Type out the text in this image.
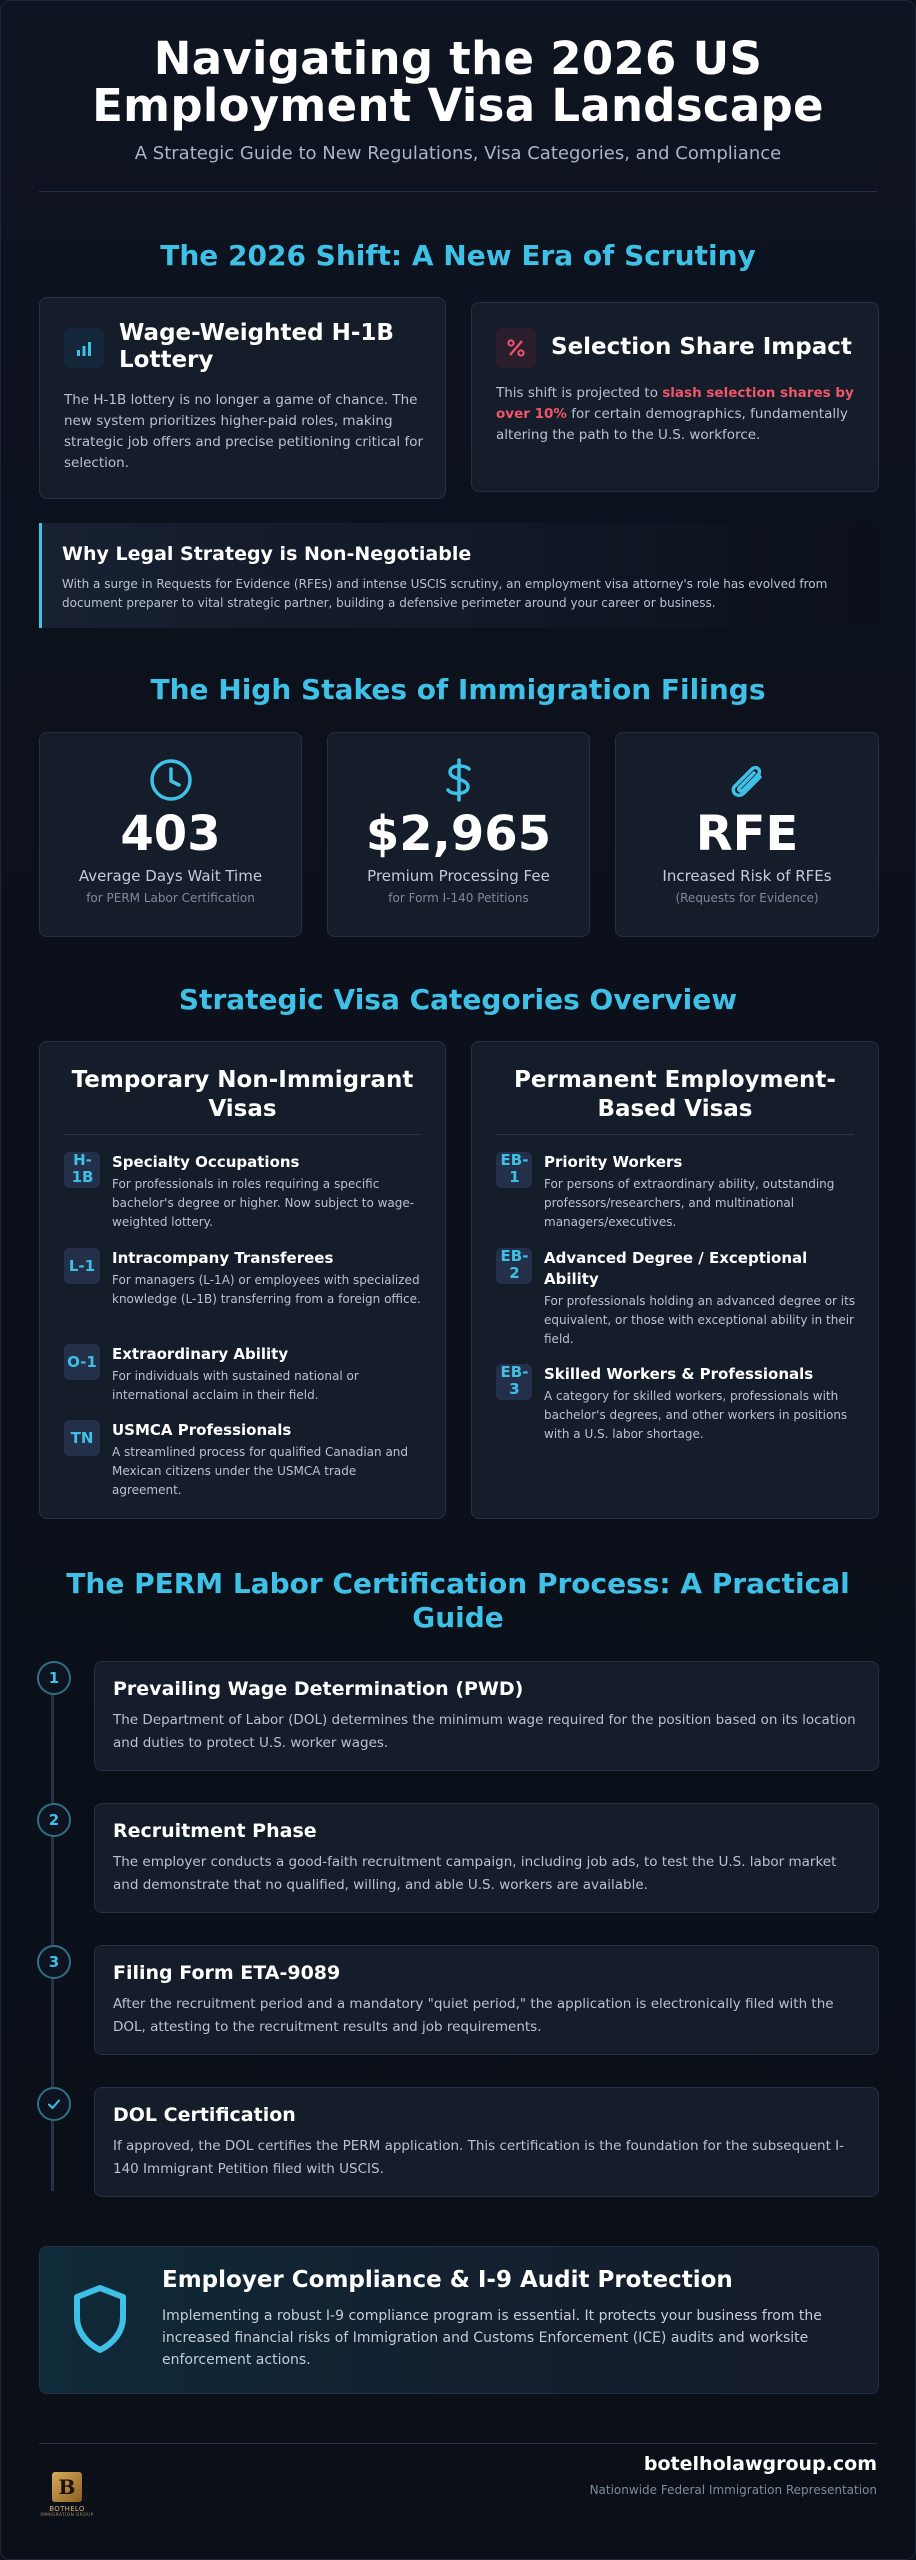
Navigating the 2026 US
Employment Visa Landscape
A Strategic Guide to New Regulations, Visa Categories, and Compliance
The 2026 Shift: A New Era of Scrutiny
Wage-Weighted H-1B
Lottery

The H-1B lottery is no longer a game of chance. The new system prioritizes higher-paid roles, making strategic job offers and precise petitioning critical for selection.

Selection Share Impact

This shift is projected to slash selection shares by over 10% for certain demographics, fundamentally altering the path to the U.S. workforce.

Why Legal Strategy is Non-Negotiable

With a surge in Requests for Evidence (RFEs) and intense USCIS scrutiny, an employment visa attorney's role has evolved from document preparer to vital strategic partner, building a defensive perimeter around your career or business.

The High Stakes of Immigration Filings
403
Average Days Wait Time
for PERM Labor Certification
$2,965
Premium Processing Fee
for Form I-140 Petitions
RFE
Increased Risk of RFEs
(Requests for Evidence)
Strategic Visa Categories Overview
Temporary Non-Immigrant
Visas
H-1B
Specialty Occupations
For professionals in roles requiring a specific bachelor's degree or higher. Now subject to wage-weighted lottery.
L-1	Intracompany Transferees
For managers (L-1A) or employees with specialized knowledge (L-1B) transferring from a foreign office.
O-1 Extraordinary Ability
For individuals with sustained national or international acclaim in their field.
TN	USMCA Professionals
A streamlined process for qualified Canadian and Mexican citizens under the USMCA trade agreement.
Permanent Employment-
Based Visas
EB-1
Priority Workers
For persons of extraordinary ability, outstanding professors/researchers, and multinational managers/executives.
EB-2
Advanced Degree / Exceptional Ability
For professionals holding an advanced degree or its equivalent, or those with exceptional ability in their field.
EB-3
Skilled Workers & Professionals
A category for skilled workers, professionals with bachelor's degrees, and other workers in positions with a U.S. labor shortage.
The PERM Labor Certification Process: A Practical
Guide
1	Prevailing Wage Determination (PWD)
The Department of Labor (DOL) determines the minimum wage required for the position based on its location and duties to protect U.S. worker wages.
2	Recruitment Phase
The employer conducts a good-faith recruitment campaign, including job ads, to test the U.S. labor market and demonstrate that no qualified, willing, and able U.S. workers are available.
3	Filing Form ETA-9089
After the recruitment period and a mandatory "quiet period," the application is electronically filed with the DOL, attesting to the recruitment results and job requirements.
DOL Certification
If approved, the DOL certifies the PERM application. This certification is the foundation for the subsequent I-140 Immigrant Petition filed with USCIS.
Employer Compliance & I-9 Audit Protection
Implementing a robust I-9 compliance program is essential. It protects your business from the increased financial risks of Immigration and Customs Enforcement (ICE) audits and worksite enforcement actions.
B
BOTHELO
IMMIGRATION GROUP
botelholawgroup.com
Nationwide Federal Immigration Representation
